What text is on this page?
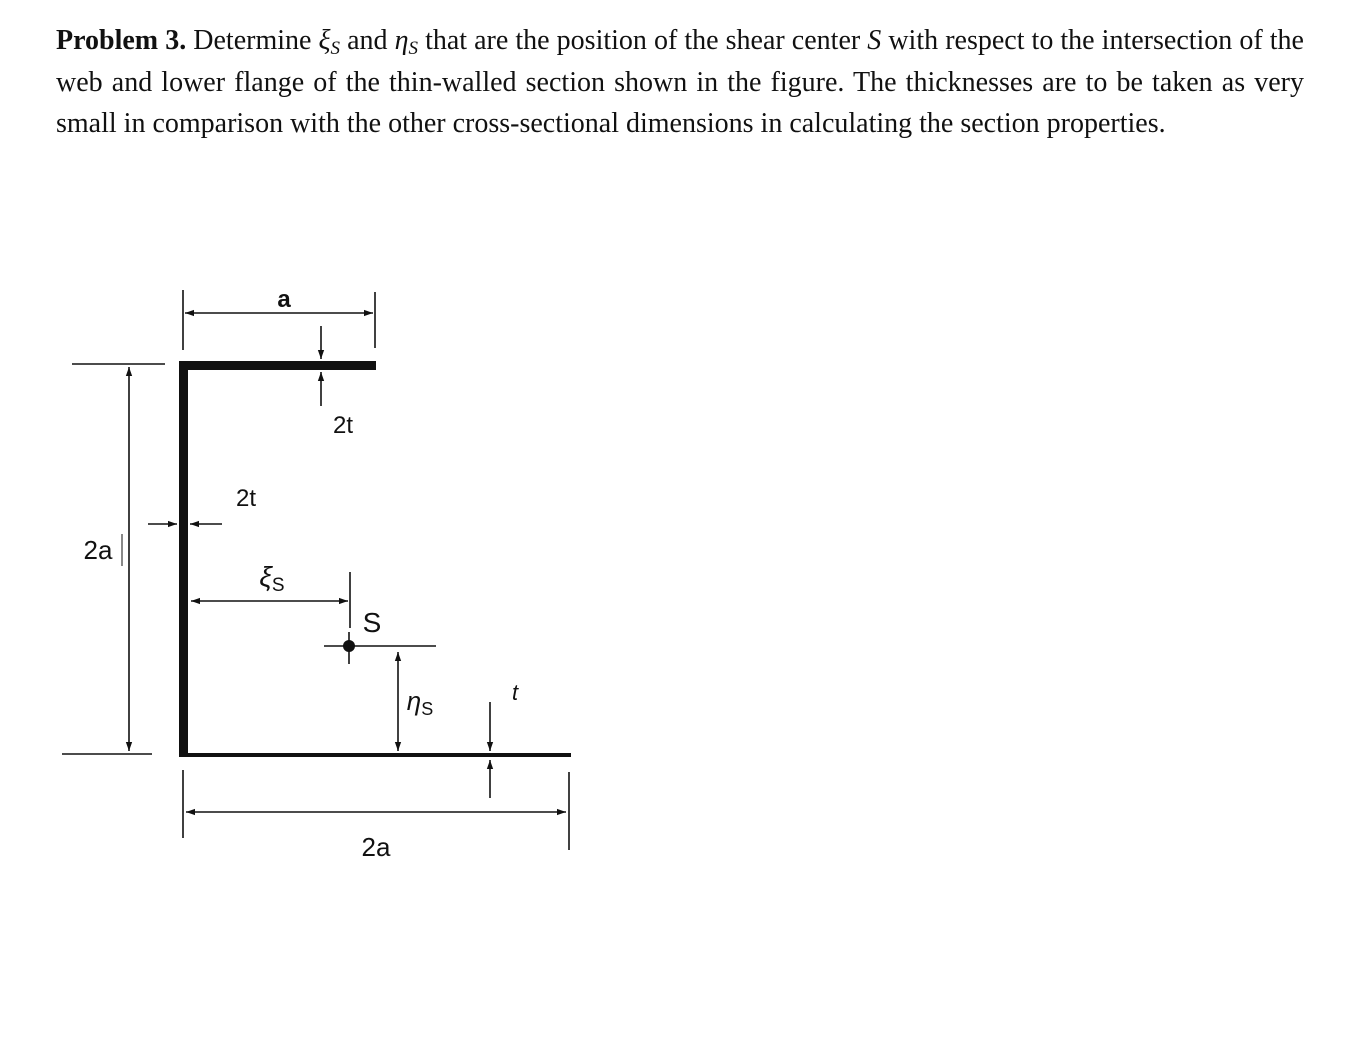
Problem 3. Determine $\xi_S$ and $\eta_S$ that are the position of the shear center S with respect to the intersection of the web and lower flange of the thin-walled section shown in the figure. The thicknesses are to be taken as very small in comparison with the other cross-sectional dimensions in calculating the section properties.
a
2t
2t
2a
ξS
S
ηS
t
2a
